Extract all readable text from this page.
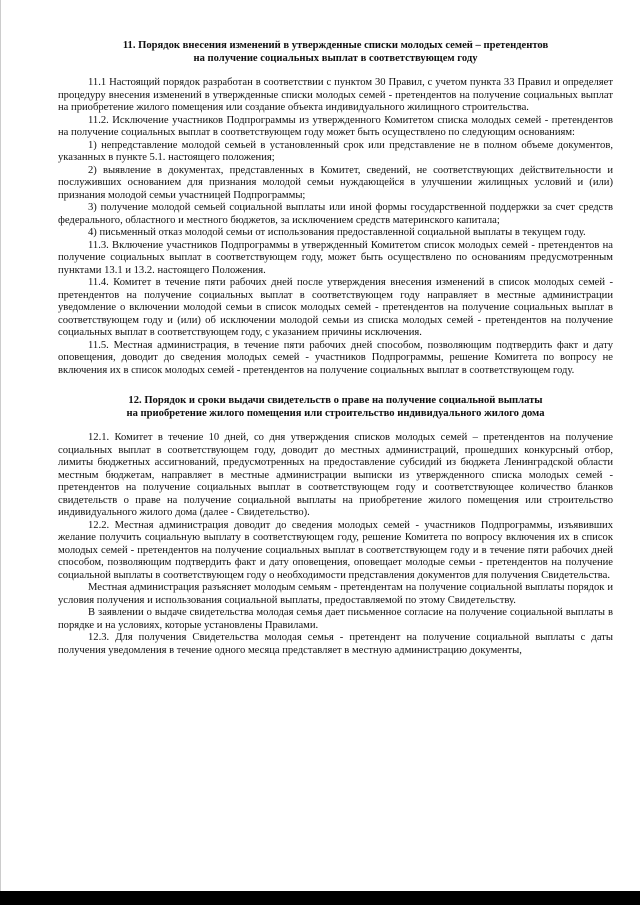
11. Порядок внесения изменений в утвержденные списки молодых семей – претендентов
на получение социальных выплат в соответствующем году

11.1 Настоящий порядок разработан в соответствии с пунктом 30 Правил, с учетом пункта 33 Правил и определяет процедуру внесения изменений в утвержденные списки молодых семей - претендентов на получение социальных выплат на приобретение жилого помещения или создание объекта индивидуального жилищного строительства.

11.2. Исключение участников Подпрограммы из утвержденного Комитетом списка молодых семей - претендентов на получение социальных выплат в соответствующем году может быть осуществлено по следующим основаниям:

1) непредставление молодой семьей в установленный срок или представление не в полном объеме документов, указанных в пункте 5.1. настоящего положения;

2) выявление в документах, представленных в Комитет, сведений, не соответствующих действительности и послуживших основанием для признания молодой семьи нуждающейся в улучшении жилищных условий и (или) признания молодой семьи участницей Подпрограммы;

3) получение молодой семьей социальной выплаты или иной формы государственной поддержки за счет средств федерального, областного и местного бюджетов, за исключением средств материнского капитала;

4) письменный отказ молодой семьи от использования предоставленной социальной выплаты в текущем году.

11.3. Включение участников Подпрограммы в утвержденный Комитетом список молодых семей - претендентов на получение социальных выплат в соответствующем году, может быть осуществлено по основаниям предусмотренным пунктами 13.1 и 13.2. настоящего Положения.

11.4. Комитет в течение пяти рабочих дней после утверждения внесения изменений в список молодых семей - претендентов на получение социальных выплат в соответствующем году направляет в местные администрации уведомление о включении молодой семьи в список молодых семей - претендентов на получение социальных выплат в соответствующем году и (или) об исключении молодой семьи из списка молодых семей - претендентов на получение социальных выплат в соответствующем году, с указанием причины исключения.

11.5. Местная администрация, в течение пяти рабочих дней способом, позволяющим подтвердить факт и дату оповещения, доводит до сведения молодых семей - участников Подпрограммы, решение Комитета по вопросу не включения их в список молодых семей - претендентов на получение социальных выплат в соответствующем году.

12. Порядок и сроки выдачи свидетельств о праве на получение социальной выплаты
на приобретение жилого помещения или строительство индивидуального жилого дома

12.1. Комитет в течение 10 дней, со дня утверждения списков молодых семей – претендентов на получение социальных выплат в соответствующем году, доводит до местных администраций, прошедших конкурсный отбор, лимиты бюджетных ассигнований, предусмотренных на предоставление субсидий из бюджета Ленинградской области местным бюджетам, направляет в местные администрации выписки из утвержденного списка молодых семей - претендентов на получение социальных выплат в соответствующем году и соответствующее количество бланков свидетельств о праве на получение социальной выплаты на приобретение жилого помещения или строительство индивидуального жилого дома (далее - Свидетельство).

12.2. Местная администрация доводит до сведения молодых семей - участников Подпрограммы, изъявивших желание получить социальную выплату в соответствующем году, решение Комитета по вопросу включения их в список молодых семей - претендентов на получение социальных выплат в соответствующем году и в течение пяти рабочих дней способом, позволяющим подтвердить факт и дату оповещения, оповещает молодые семьи - претендентов на получение социальной выплаты в соответствующем году о необходимости представления документов для получения Свидетельства.

Местная администрация разъясняет молодым семьям - претендентам на получение социальной выплаты порядок и условия получения и использования социальной выплаты, предоставляемой по этому Свидетельству.

В заявлении о выдаче свидетельства молодая семья дает письменное согласие на получение социальной выплаты в порядке и на условиях, которые установлены Правилами.

12.3. Для получения Свидетельства молодая семья - претендент на получение социальной выплаты с даты получения уведомления в течение одного месяца представляет в местную администрацию документы,
